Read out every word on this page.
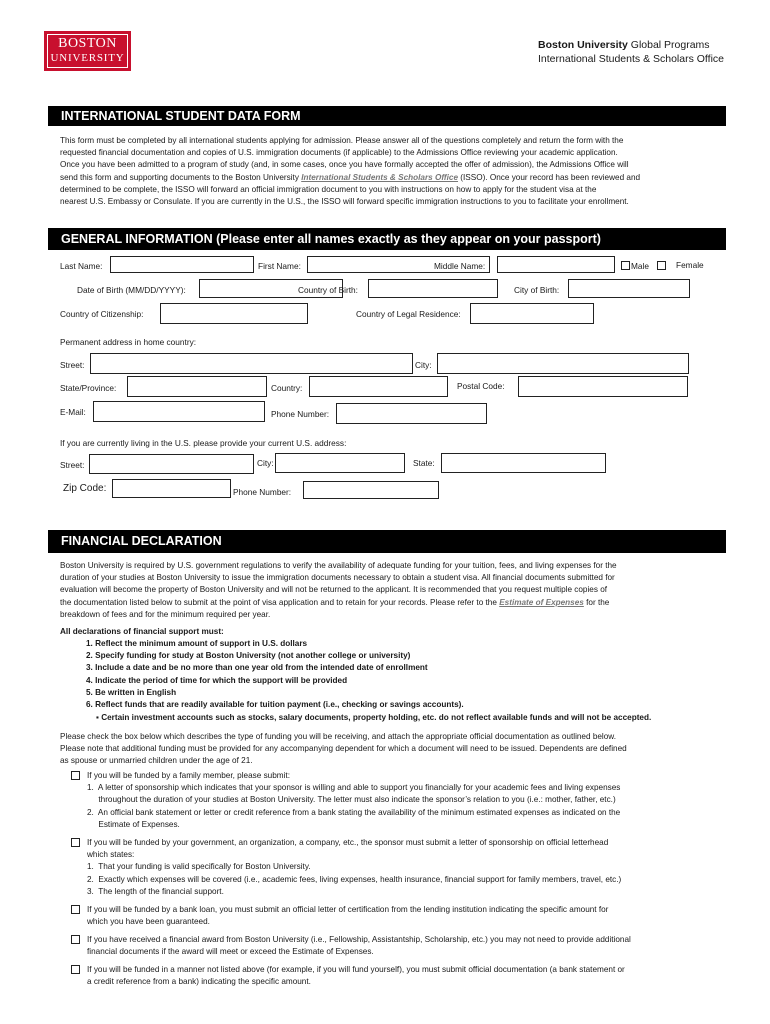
BOSTON
UNIVERSITY
Boston University Global Programs
International Students & Scholars Office
INTERNATIONAL STUDENT DATA FORM
This form must be completed by all international students applying for admission. Please answer all of the questions completely and return the form with the
requested financial documentation and copies of U.S. immigration documents (if applicable) to the Admissions Office reviewing your academic application.
Once you have been admitted to a program of study (and, in some cases, once you have formally accepted the offer of admission), the Admissions Office will
send this form and supporting documents to the Boston University International Students & Scholars Office (ISSO). Once your record has been reviewed and
determined to be complete, the ISSO will forward an official immigration document to you with instructions on how to apply for the student visa at the
nearest U.S. Embassy or Consulate. If you are currently in the U.S., the ISSO will forward specific immigration instructions to you to facilitate your enrollment.
GENERAL INFORMATION (Please enter all names exactly as they appear on your passport)
Last Name:	First Name:	Middle Name:	Male	Female
Date of Birth (MM/DD/YYYY):	Country of Birth:	City of Birth:
Country of Citizenship:	Country of Legal Residence:
Permanent address in home country:
Street:	City:
State/Province:	Country:	Postal Code:
E-Mail:	Phone Number:
If you are currently living in the U.S. please provide your current U.S. address:
Street:	City:	State:
Zip Code:	Phone Number:
FINANCIAL DECLARATION
Boston University is required by U.S. government regulations to verify the availability of adequate funding for your tuition, fees, and living expenses for the
duration of your studies at Boston University to issue the immigration documents necessary to obtain a student visa. All financial documents submitted for
evaluation will become the property of Boston University and will not be returned to the applicant. It is recommended that you request multiple copies of
the documentation listed below to submit at the point of visa application and to retain for your records. Please refer to the Estimate of Expenses for the
breakdown of fees and for the minimum required per year.
All declarations of financial support must:
1. Reflect the minimum amount of support in U.S. dollars
2. Specify funding for study at Boston University (not another college or university)
3. Include a date and be no more than one year old from the intended date of enrollment
4. Indicate the period of time for which the support will be provided
5. Be written in English
6. Reflect funds that are readily available for tuition payment (i.e., checking or savings accounts).
▪ Certain investment accounts such as stocks, salary documents, property holding, etc. do not reflect available funds and will not be accepted.
Please check the box below which describes the type of funding you will be receiving, and attach the appropriate official documentation as outlined below.
Please note that additional funding must be provided for any accompanying dependent for which a document will need to be issued. Dependents are defined
as spouse or unmarried children under the age of 21.
If you will be funded by a family member, please submit:
1.  A letter of sponsorship which indicates that your sponsor is willing and able to support you financially for your academic fees and living expenses
throughout the duration of your studies at Boston University. The letter must also indicate the sponsor’s relation to you (i.e.: mother, father, etc.)
2.  An official bank statement or letter or credit reference from a bank stating the availability of the minimum estimated expenses as indicated on the
Estimate of Expenses.
If you will be funded by your government, an organization, a company, etc., the sponsor must submit a letter of sponsorship on official letterhead
which states:
1.  That your funding is valid specifically for Boston University.
2.  Exactly which expenses will be covered (i.e., academic fees, living expenses, health insurance, financial support for family members, travel, etc.)
3.  The length of the financial support.
If you will be funded by a bank loan, you must submit an official letter of certification from the lending institution indicating the specific amount for
which you have been guaranteed.
If you have received a financial award from Boston University (i.e., Fellowship, Assistantship, Scholarship, etc.) you may not need to provide additional
financial documents if the award will meet or exceed the Estimate of Expenses.
If you will be funded in a manner not listed above (for example, if you will fund yourself), you must submit official documentation (a bank statement or
a credit reference from a bank) indicating the specific amount.
